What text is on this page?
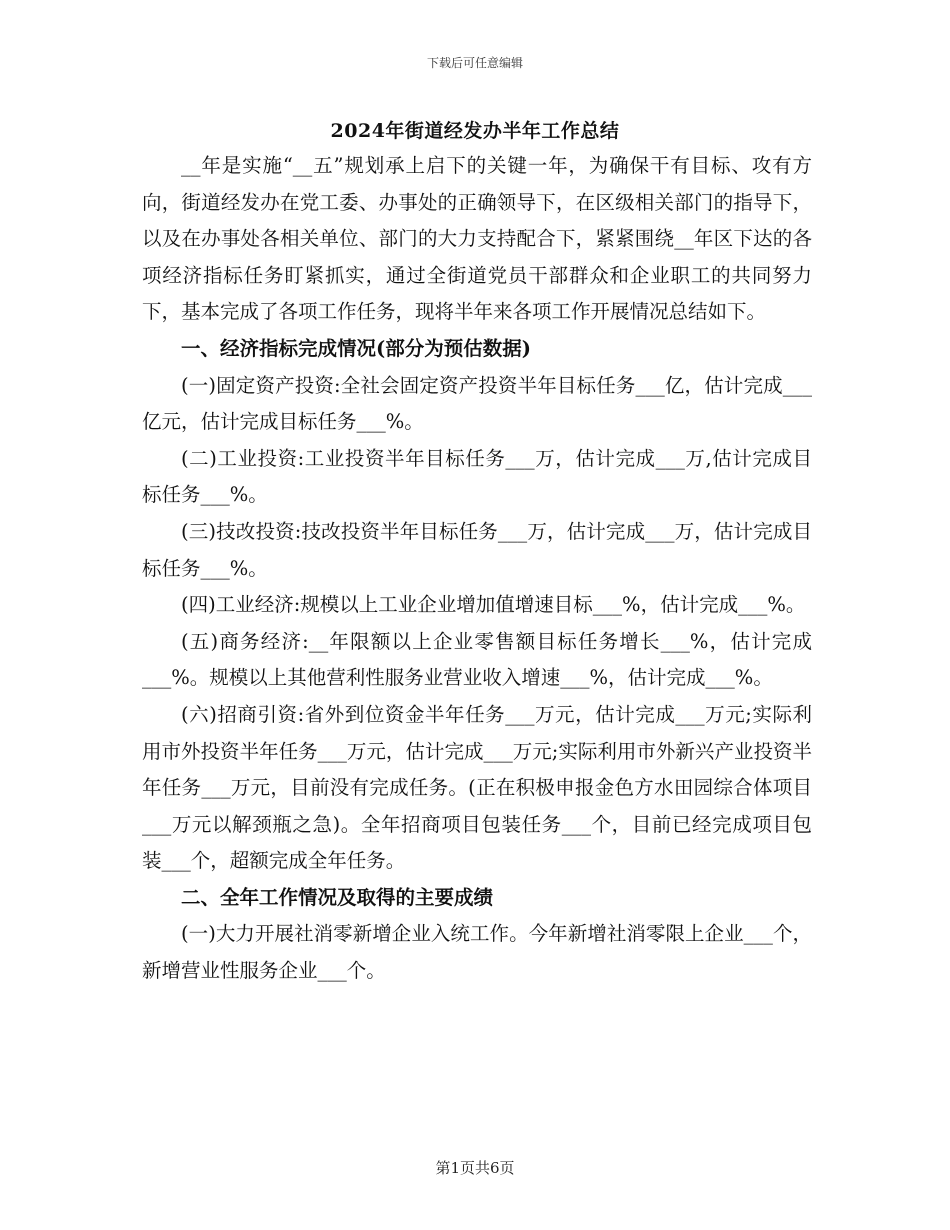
下载后可任意编辑
2024年街道经发办半年工作总结

__年是实施“__五”规划承上启下的关键一年，为确保干有目标、攻有方向，街道经发办在党工委、办事处的正确领导下，在区级相关部门的指导下，以及在办事处各相关单位、部门的大力支持配合下，紧紧围绕__年区下达的各项经济指标任务盯紧抓实，通过全街道党员干部群众和企业职工的共同努力下，基本完成了各项工作任务，现将半年来各项工作开展情况总结如下。

一、经济指标完成情况(部分为预估数据)

(一)固定资产投资:全社会固定资产投资半年目标任务___亿，估计完成___亿元，估计完成目标任务___%。

(二)工业投资:工业投资半年目标任务___万，估计完成___万,估计完成目标任务___%。

(三)技改投资:技改投资半年目标任务___万，估计完成___万，估计完成目标任务___%。

(四)工业经济:规模以上工业企业增加值增速目标___%，估计完成___%。

(五)商务经济:__年限额以上企业零售额目标任务增长___%，估计完成___%。规模以上其他营利性服务业营业收入增速___%，估计完成___%。

(六)招商引资:省外到位资金半年任务___万元，估计完成___万元;实际利用市外投资半年任务___万元，估计完成___万元;实际利用市外新兴产业投资半年任务___万元，目前没有完成任务。(正在积极申报金色方水田园综合体项目___万元以解颈瓶之急)。全年招商项目包装任务___个，目前已经完成项目包装___个，超额完成全年任务。

二、全年工作情况及取得的主要成绩

(一)大力开展社消零新增企业入统工作。今年新增社消零限上企业___个，新增营业性服务企业___个。

第1页共6页
